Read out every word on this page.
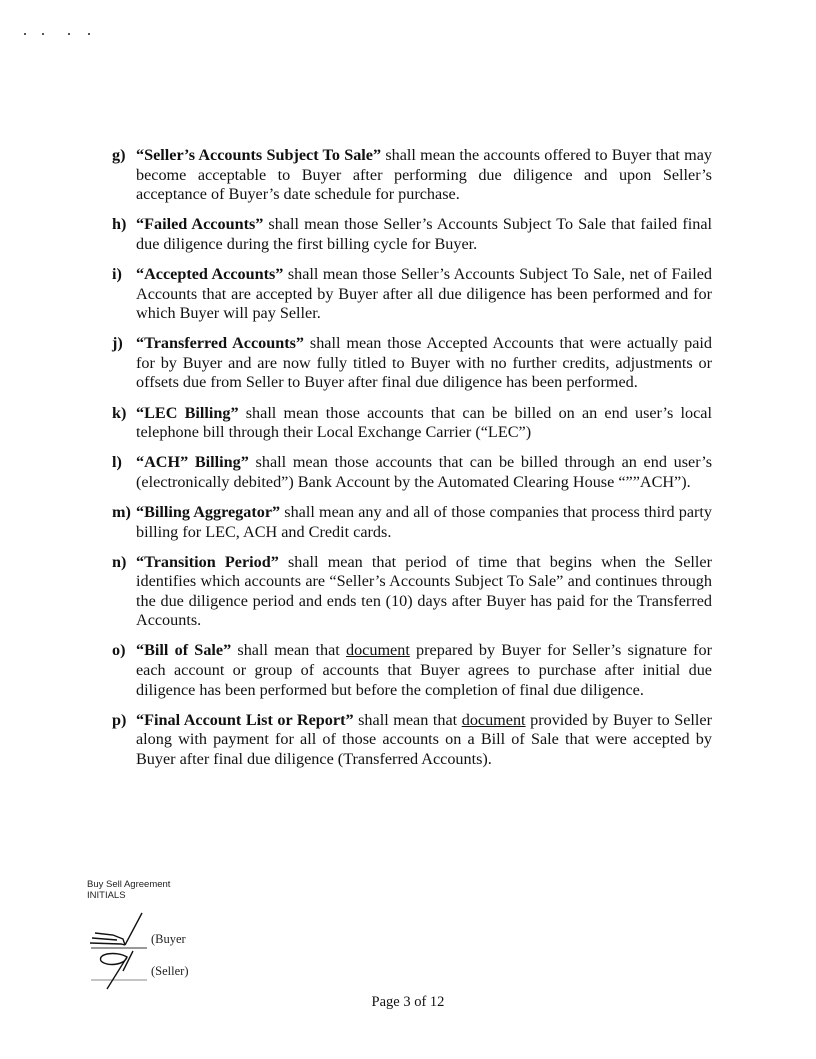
g) “Seller’s Accounts Subject To Sale” shall mean the accounts offered to Buyer that may become acceptable to Buyer after performing due diligence and upon Seller’s acceptance of Buyer’s date schedule for purchase.
h) “Failed Accounts” shall mean those Seller’s Accounts Subject To Sale that failed final due diligence during the first billing cycle for Buyer.
i) “Accepted Accounts” shall mean those Seller’s Accounts Subject To Sale, net of Failed Accounts that are accepted by Buyer after all due diligence has been performed and for which Buyer will pay Seller.
j) “Transferred Accounts” shall mean those Accepted Accounts that were actually paid for by Buyer and are now fully titled to Buyer with no further credits, adjustments or offsets due from Seller to Buyer after final due diligence has been performed.
k) “LEC Billing” shall mean those accounts that can be billed on an end user’s local telephone bill through their Local Exchange Carrier (“LEC”)
l) “ACH” Billing” shall mean those accounts that can be billed through an end user’s (electronically debited”) Bank Account by the Automated Clearing House “””ACH”).
m) “Billing Aggregator” shall mean any and all of those companies that process third party billing for LEC, ACH and Credit cards.
n) “Transition Period” shall mean that period of time that begins when the Seller identifies which accounts are “Seller’s Accounts Subject To Sale” and continues through the due diligence period and ends ten (10) days after Buyer has paid for the Transferred Accounts.
o) “Bill of Sale” shall mean that document prepared by Buyer for Seller’s signature for each account or group of accounts that Buyer agrees to purchase after initial due diligence has been performed but before the completion of final due diligence.
p) “Final Account List or Report” shall mean that document provided by Buyer to Seller along with payment for all of those accounts on a Bill of Sale that were accepted by Buyer after final due diligence (Transferred Accounts).
Buy Sell Agreement
INITIALS
(Buyer
(Seller)
Page 3 of 12
